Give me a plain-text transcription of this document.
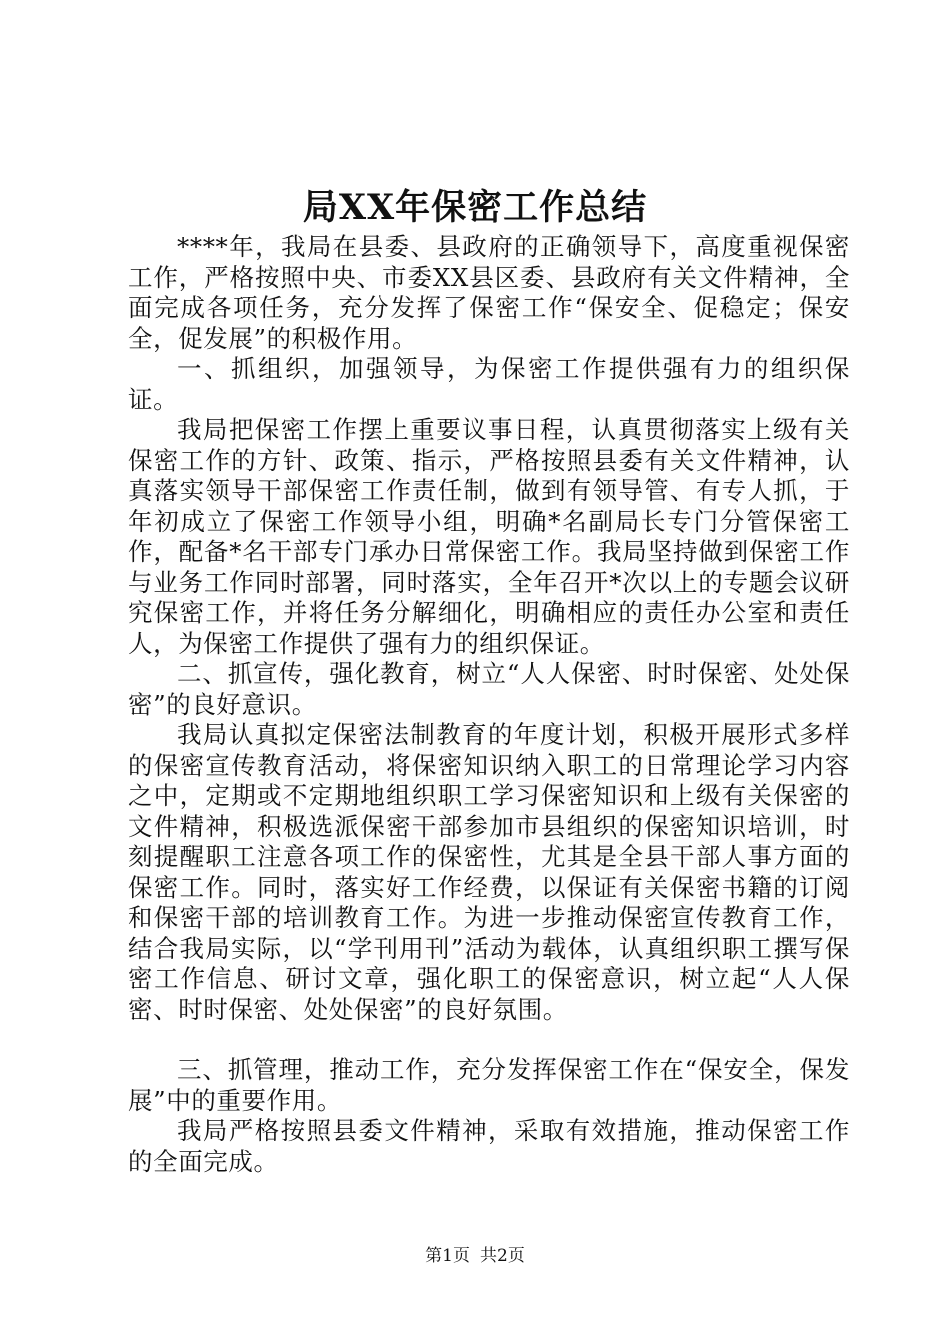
局XX年保密工作总结

****年，我局在县委、县政府的正确领导下，高度重视保密工作，严格按照中央、市委XX县区委、县政府有关文件精神，全面完成各项任务，充分发挥了保密工作“保安全、促稳定；保安全，促发展”的积极作用。

一、抓组织，加强领导，为保密工作提供强有力的组织保证。

我局把保密工作摆上重要议事日程，认真贯彻落实上级有关保密工作的方针、政策、指示，严格按照县委有关文件精神，认真落实领导干部保密工作责任制，做到有领导管、有专人抓，于年初成立了保密工作领导小组，明确*名副局长专门分管保密工作，配备*名干部专门承办日常保密工作。我局坚持做到保密工作与业务工作同时部署，同时落实，全年召开*次以上的专题会议研究保密工作，并将任务分解细化，明确相应的责任办公室和责任人，为保密工作提供了强有力的组织保证。

二、抓宣传，强化教育，树立“人人保密、时时保密、处处保密”的良好意识。

我局认真拟定保密法制教育的年度计划，积极开展形式多样的保密宣传教育活动，将保密知识纳入职工的日常理论学习内容之中，定期或不定期地组织职工学习保密知识和上级有关保密的文件精神，积极选派保密干部参加市县组织的保密知识培训，时刻提醒职工注意各项工作的保密性，尤其是全县干部人事方面的保密工作。同时，落实好工作经费，以保证有关保密书籍的订阅和保密干部的培训教育工作。为进一步推动保密宣传教育工作，结合我局实际，以“学刊用刊”活动为载体，认真组织职工撰写保密工作信息、研讨文章，强化职工的保密意识，树立起“人人保密、时时保密、处处保密”的良好氛围。

三、抓管理，推动工作，充分发挥保密工作在“保安全，保发展”中的重要作用。

我局严格按照县委文件精神，采取有效措施，推动保密工作的全面完成。

第1页 共2页
